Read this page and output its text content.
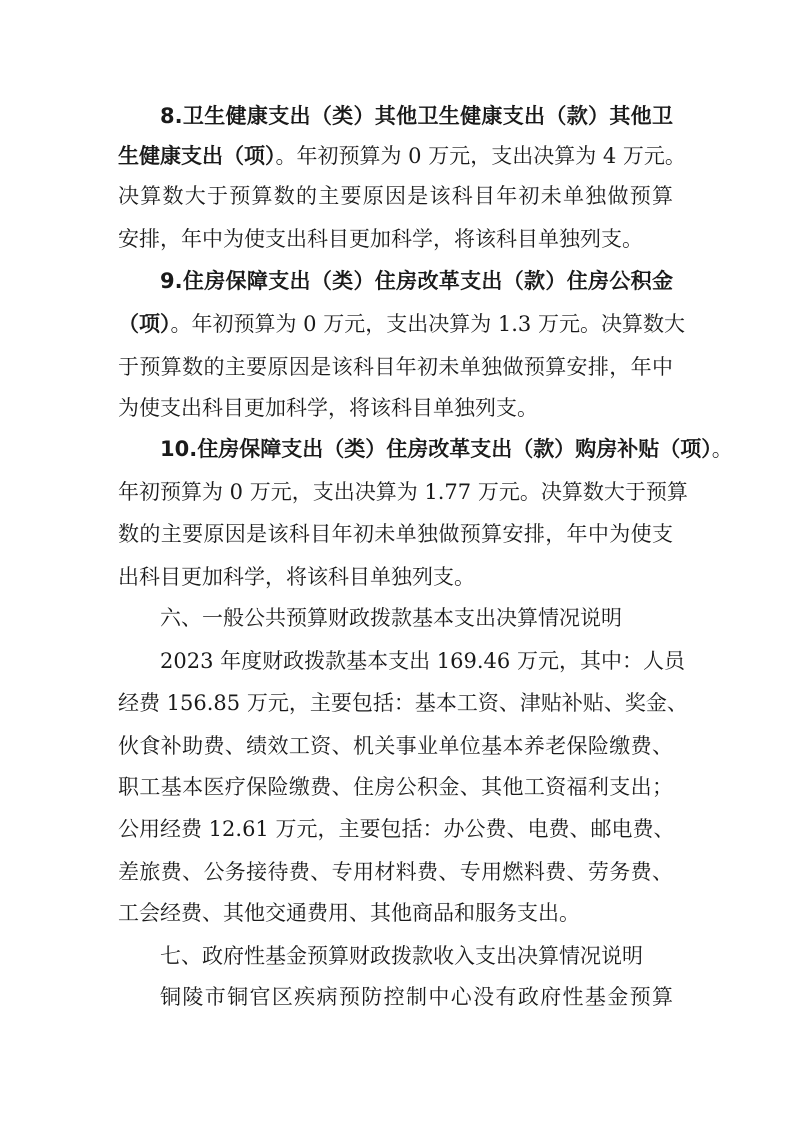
8.卫生健康支出（类）其他卫生健康支出（款）其他卫
生健康支出（项）。年初预算为 0 万元，支出决算为 4 万元。
决算数大于预算数的主要原因是该科目年初未单独做预算
安排，年中为使支出科目更加科学，将该科目单独列支。
9.住房保障支出（类）住房改革支出（款）住房公积金
（项）。年初预算为 0 万元，支出决算为 1.3 万元。决算数大
于预算数的主要原因是该科目年初未单独做预算安排，年中
为使支出科目更加科学，将该科目单独列支。
10.住房保障支出（类）住房改革支出（款）购房补贴（项）。
年初预算为 0 万元，支出决算为 1.77 万元。决算数大于预算
数的主要原因是该科目年初未单独做预算安排，年中为使支
出科目更加科学，将该科目单独列支。
六、一般公共预算财政拨款基本支出决算情况说明
2023 年度财政拨款基本支出 169.46 万元，其中：人员
经费 156.85 万元，主要包括：基本工资、津贴补贴、奖金、
伙食补助费、绩效工资、机关事业单位基本养老保险缴费、
职工基本医疗保险缴费、住房公积金、其他工资福利支出；
公用经费 12.61 万元，主要包括：办公费、电费、邮电费、
差旅费、公务接待费、专用材料费、专用燃料费、劳务费、
工会经费、其他交通费用、其他商品和服务支出。
七、政府性基金预算财政拨款收入支出决算情况说明
铜陵市铜官区疾病预防控制中心没有政府性基金预算
